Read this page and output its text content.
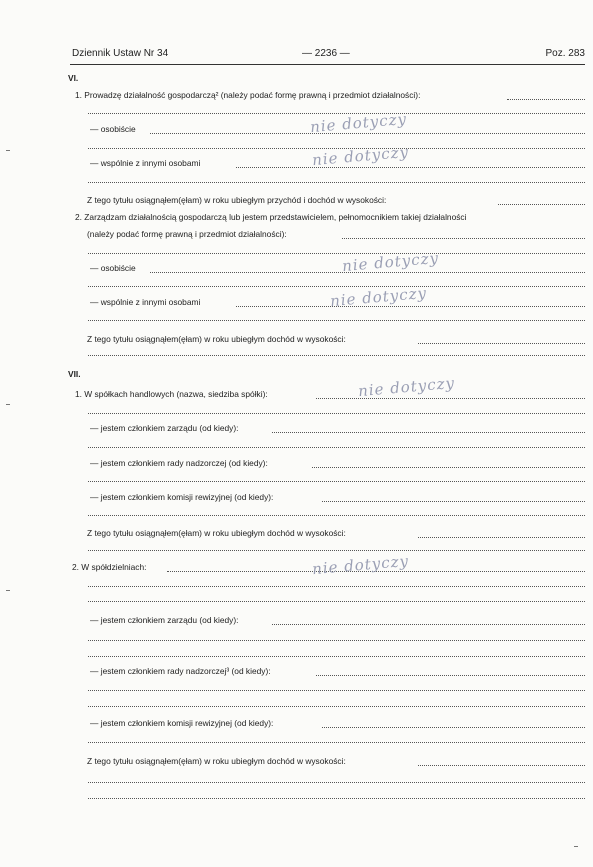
Dziennik Ustaw Nr 34	— 2236 —	Poz. 283
VI.
1. Prowadzę działalność gospodarczą² (należy podać formę prawną i przedmiot działalności):
— osobiście	nie dotyczy
— wspólnie z innymi osobami	nie dotyczy
Z tego tytułu osiągnąłem(ęłam) w roku ubiegłym przychód i dochód w wysokości:
2. Zarządzam działalnością gospodarczą lub jestem przedstawicielem, pełnomocnikiem takiej działalności
(należy podać formę prawną i przedmiot działalności):
— osobiście	nie dotyczy
— wspólnie z innymi osobami	nie dotyczy
Z tego tytułu osiągnąłem(ęłam) w roku ubiegłym dochód w wysokości:
VII.
1. W spółkach handlowych (nazwa, siedziba spółki):	nie dotyczy
— jestem członkiem zarządu (od kiedy):
— jestem członkiem rady nadzorczej (od kiedy):
— jestem członkiem komisji rewizyjnej (od kiedy):
Z tego tytułu osiągnąłem(ęłam) w roku ubiegłym dochód w wysokości:
2. W spółdzielniach:	nie dotyczy
— jestem członkiem zarządu (od kiedy):
— jestem członkiem rady nadzorczej³ (od kiedy):
— jestem członkiem komisji rewizyjnej (od kiedy):
Z tego tytułu osiągnąłem(ęłam) w roku ubiegłym dochód w wysokości:
